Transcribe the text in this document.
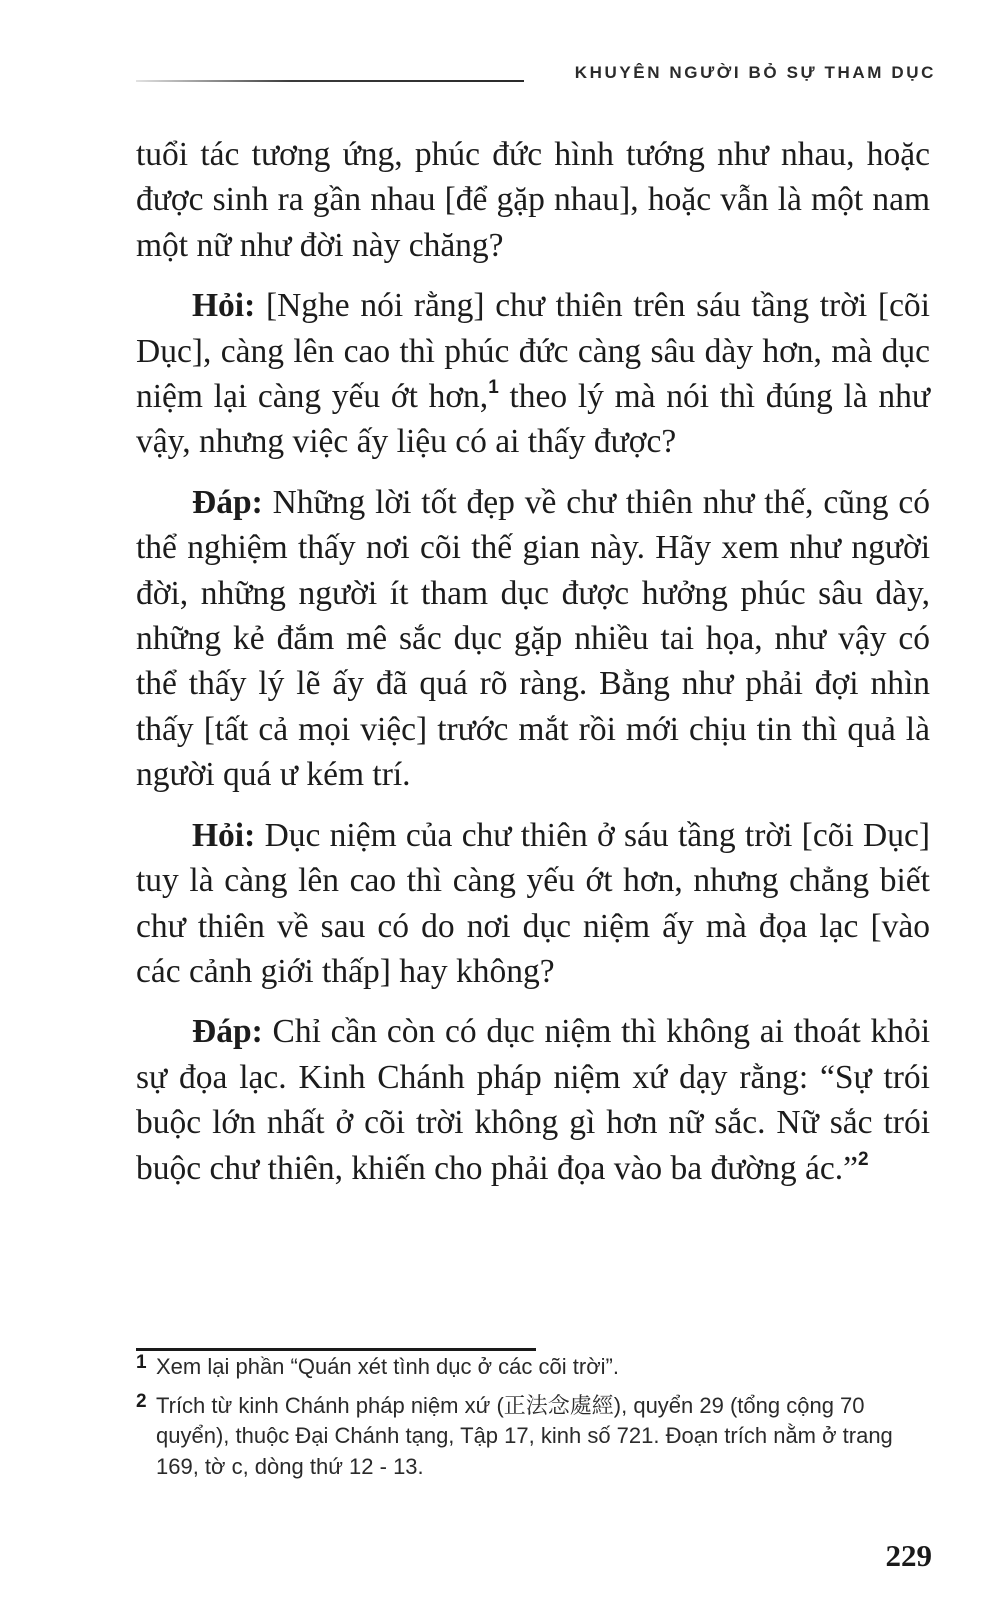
KHUYÊN NGƯỜI BỎ SỰ THAM DỤC

tuổi tác tương ứng, phúc đức hình tướng như nhau, hoặc được sinh ra gần nhau [để gặp nhau], hoặc vẫn là một nam một nữ như đời này chăng?

Hỏi: [Nghe nói rằng] chư thiên trên sáu tầng trời [cõi Dục], càng lên cao thì phúc đức càng sâu dày hơn, mà dục niệm lại càng yếu ớt hơn,$^1$ theo lý mà nói thì đúng là như vậy, nhưng việc ấy liệu có ai thấy được?

Đáp: Những lời tốt đẹp về chư thiên như thế, cũng có thể nghiệm thấy nơi cõi thế gian này. Hãy xem như người đời, những người ít tham dục được hưởng phúc sâu dày, những kẻ đắm mê sắc dục gặp nhiều tai họa, như vậy có thể thấy lý lẽ ấy đã quá rõ ràng. Bằng như phải đợi nhìn thấy [tất cả mọi việc] trước mắt rồi mới chịu tin thì quả là người quá ư kém trí.

Hỏi: Dục niệm của chư thiên ở sáu tầng trời [cõi Dục] tuy là càng lên cao thì càng yếu ớt hơn, nhưng chẳng biết chư thiên về sau có do nơi dục niệm ấy mà đọa lạc [vào các cảnh giới thấp] hay không?

Đáp: Chỉ cần còn có dục niệm thì không ai thoát khỏi sự đọa lạc. Kinh Chánh pháp niệm xứ dạy rằng: “Sự trói buộc lớn nhất ở cõi trời không gì hơn nữ sắc. Nữ sắc trói buộc chư thiên, khiến cho phải đọa vào ba đường ác.”$^2$

1 Xem lại phần “Quán xét tình dục ở các cõi trời”.
2 Trích từ kinh Chánh pháp niệm xứ (正法念處經), quyển 29 (tổng cộng 70 quyển), thuộc Đại Chánh tạng, Tập 17, kinh số 721. Đoạn trích nằm ở trang 169, tờ c, dòng thứ 12 - 13.
229
